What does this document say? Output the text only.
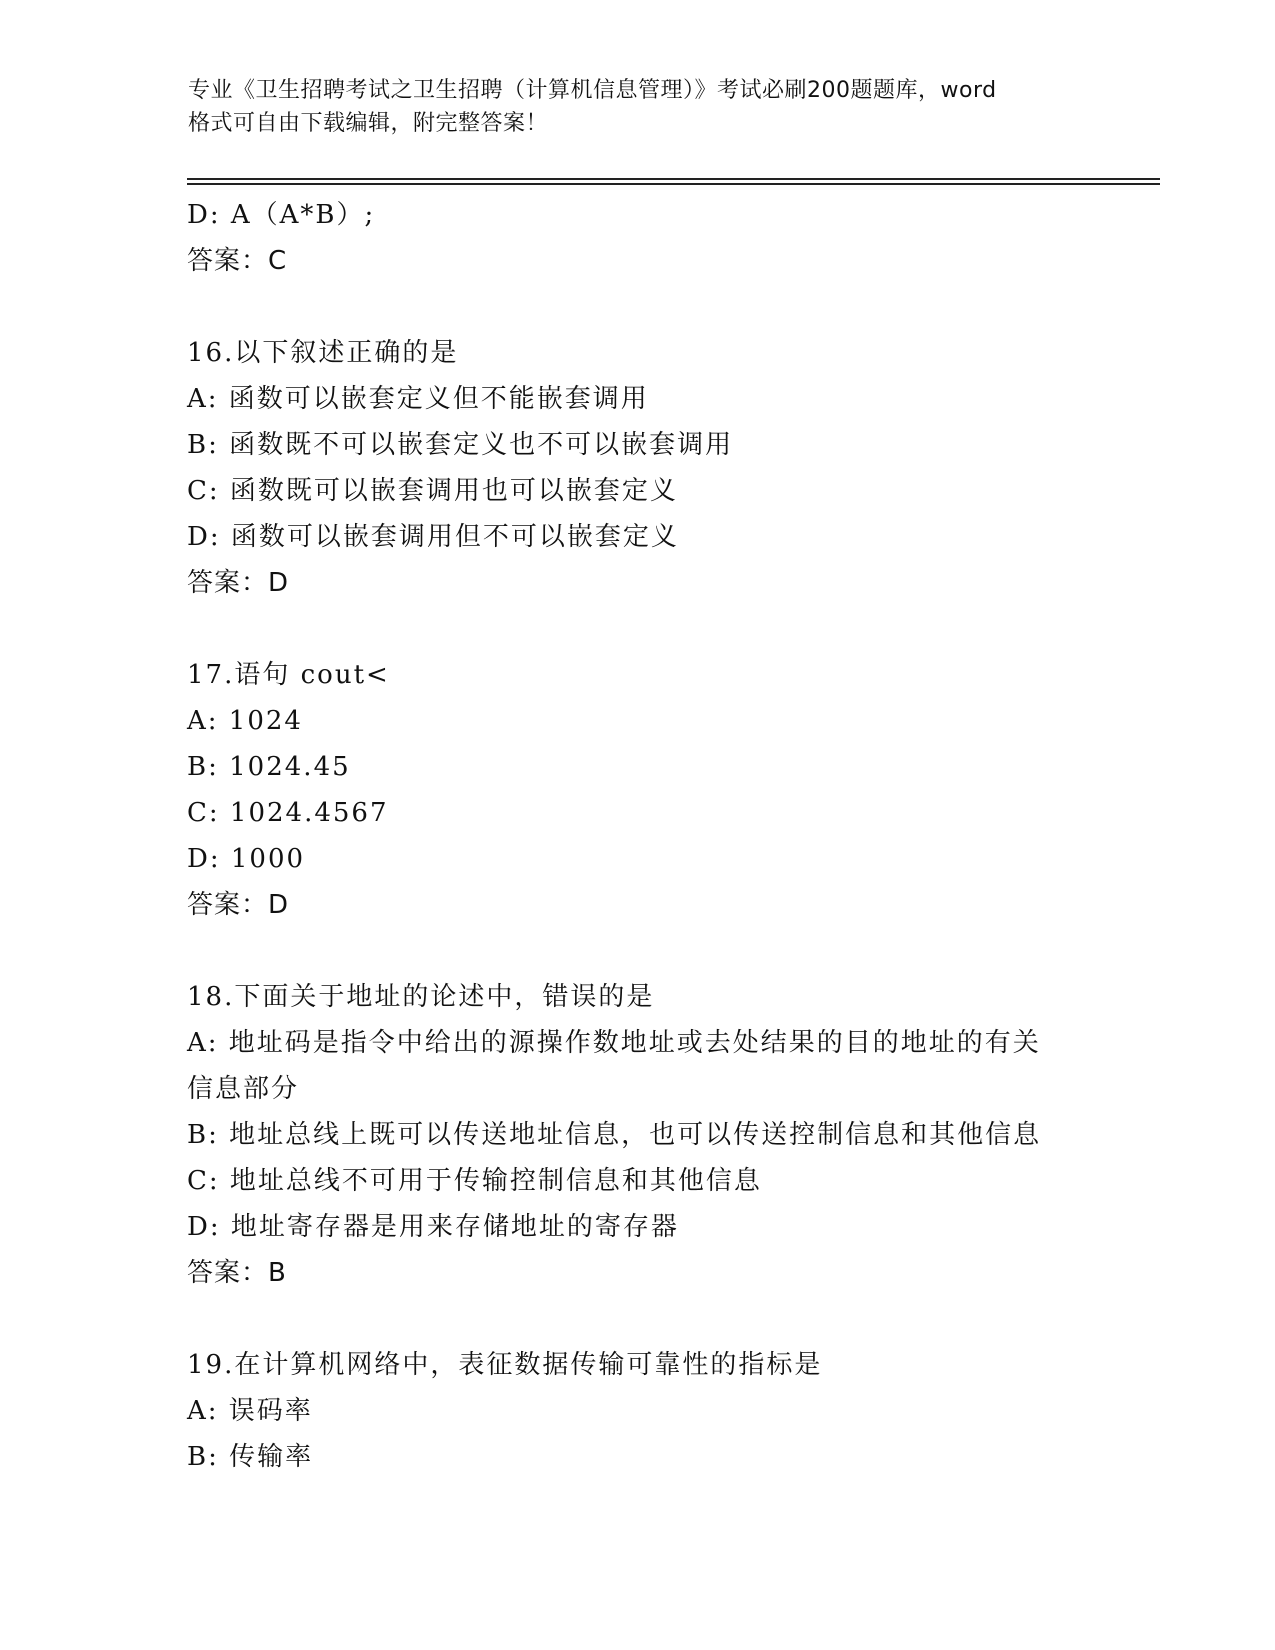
专业《卫生招聘考试之卫生招聘（计算机信息管理）》考试必刷200题题库，word
格式可自由下载编辑，附完整答案！
D: A（A*B）;
答案：C
16.以下叙述正确的是
A: 函数可以嵌套定义但不能嵌套调用
B: 函数既不可以嵌套定义也不可以嵌套调用
C: 函数既可以嵌套调用也可以嵌套定义
D: 函数可以嵌套调用但不可以嵌套定义
答案：D
17.语句 cout<
A: 1024
B: 1024.45
C: 1024.4567
D: 1000
答案：D
18.下面关于地址的论述中，错误的是
A: 地址码是指令中给出的源操作数地址或去处结果的目的地址的有关
信息部分
B: 地址总线上既可以传送地址信息，也可以传送控制信息和其他信息
C: 地址总线不可用于传输控制信息和其他信息
D: 地址寄存器是用来存储地址的寄存器
答案：B
19.在计算机网络中，表征数据传输可靠性的指标是
A: 误码率
B: 传输率
